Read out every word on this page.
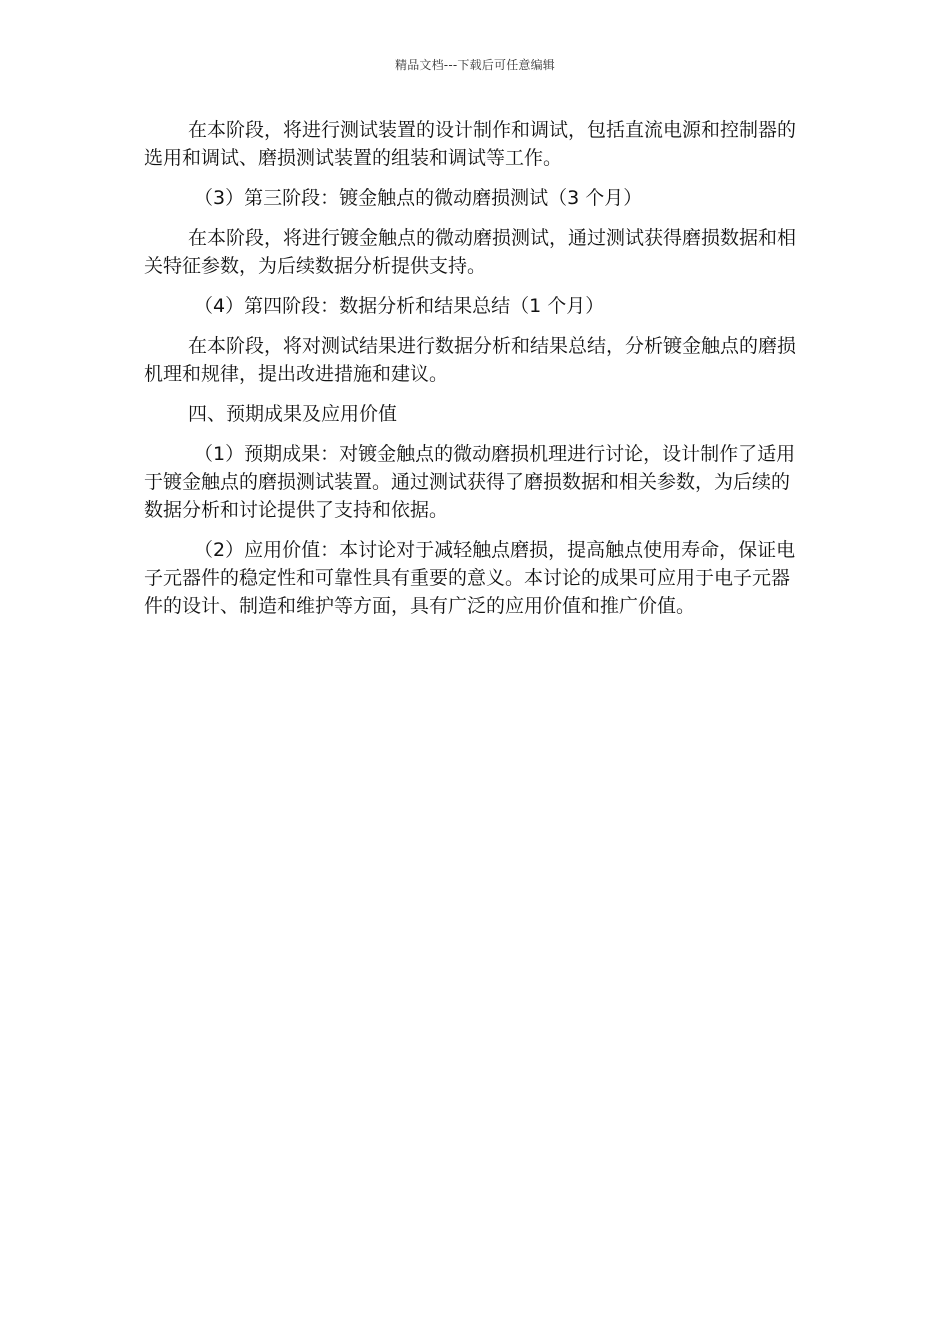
精品文档---下载后可任意编辑

在本阶段，将进行测试装置的设计制作和调试，包括直流电源和控制器的选用和调试、磨损测试装置的组装和调试等工作。

（3）第三阶段：镀金触点的微动磨损测试（3 个月）

在本阶段，将进行镀金触点的微动磨损测试，通过测试获得磨损数据和相关特征参数，为后续数据分析提供支持。

（4）第四阶段：数据分析和结果总结（1 个月）

在本阶段，将对测试结果进行数据分析和结果总结，分析镀金触点的磨损机理和规律，提出改进措施和建议。

四、预期成果及应用价值

（1）预期成果：对镀金触点的微动磨损机理进行讨论，设计制作了适用于镀金触点的磨损测试装置。通过测试获得了磨损数据和相关参数，为后续的数据分析和讨论提供了支持和依据。

（2）应用价值：本讨论对于减轻触点磨损，提高触点使用寿命，保证电子元器件的稳定性和可靠性具有重要的意义。本讨论的成果可应用于电子元器件的设计、制造和维护等方面，具有广泛的应用价值和推广价值。
